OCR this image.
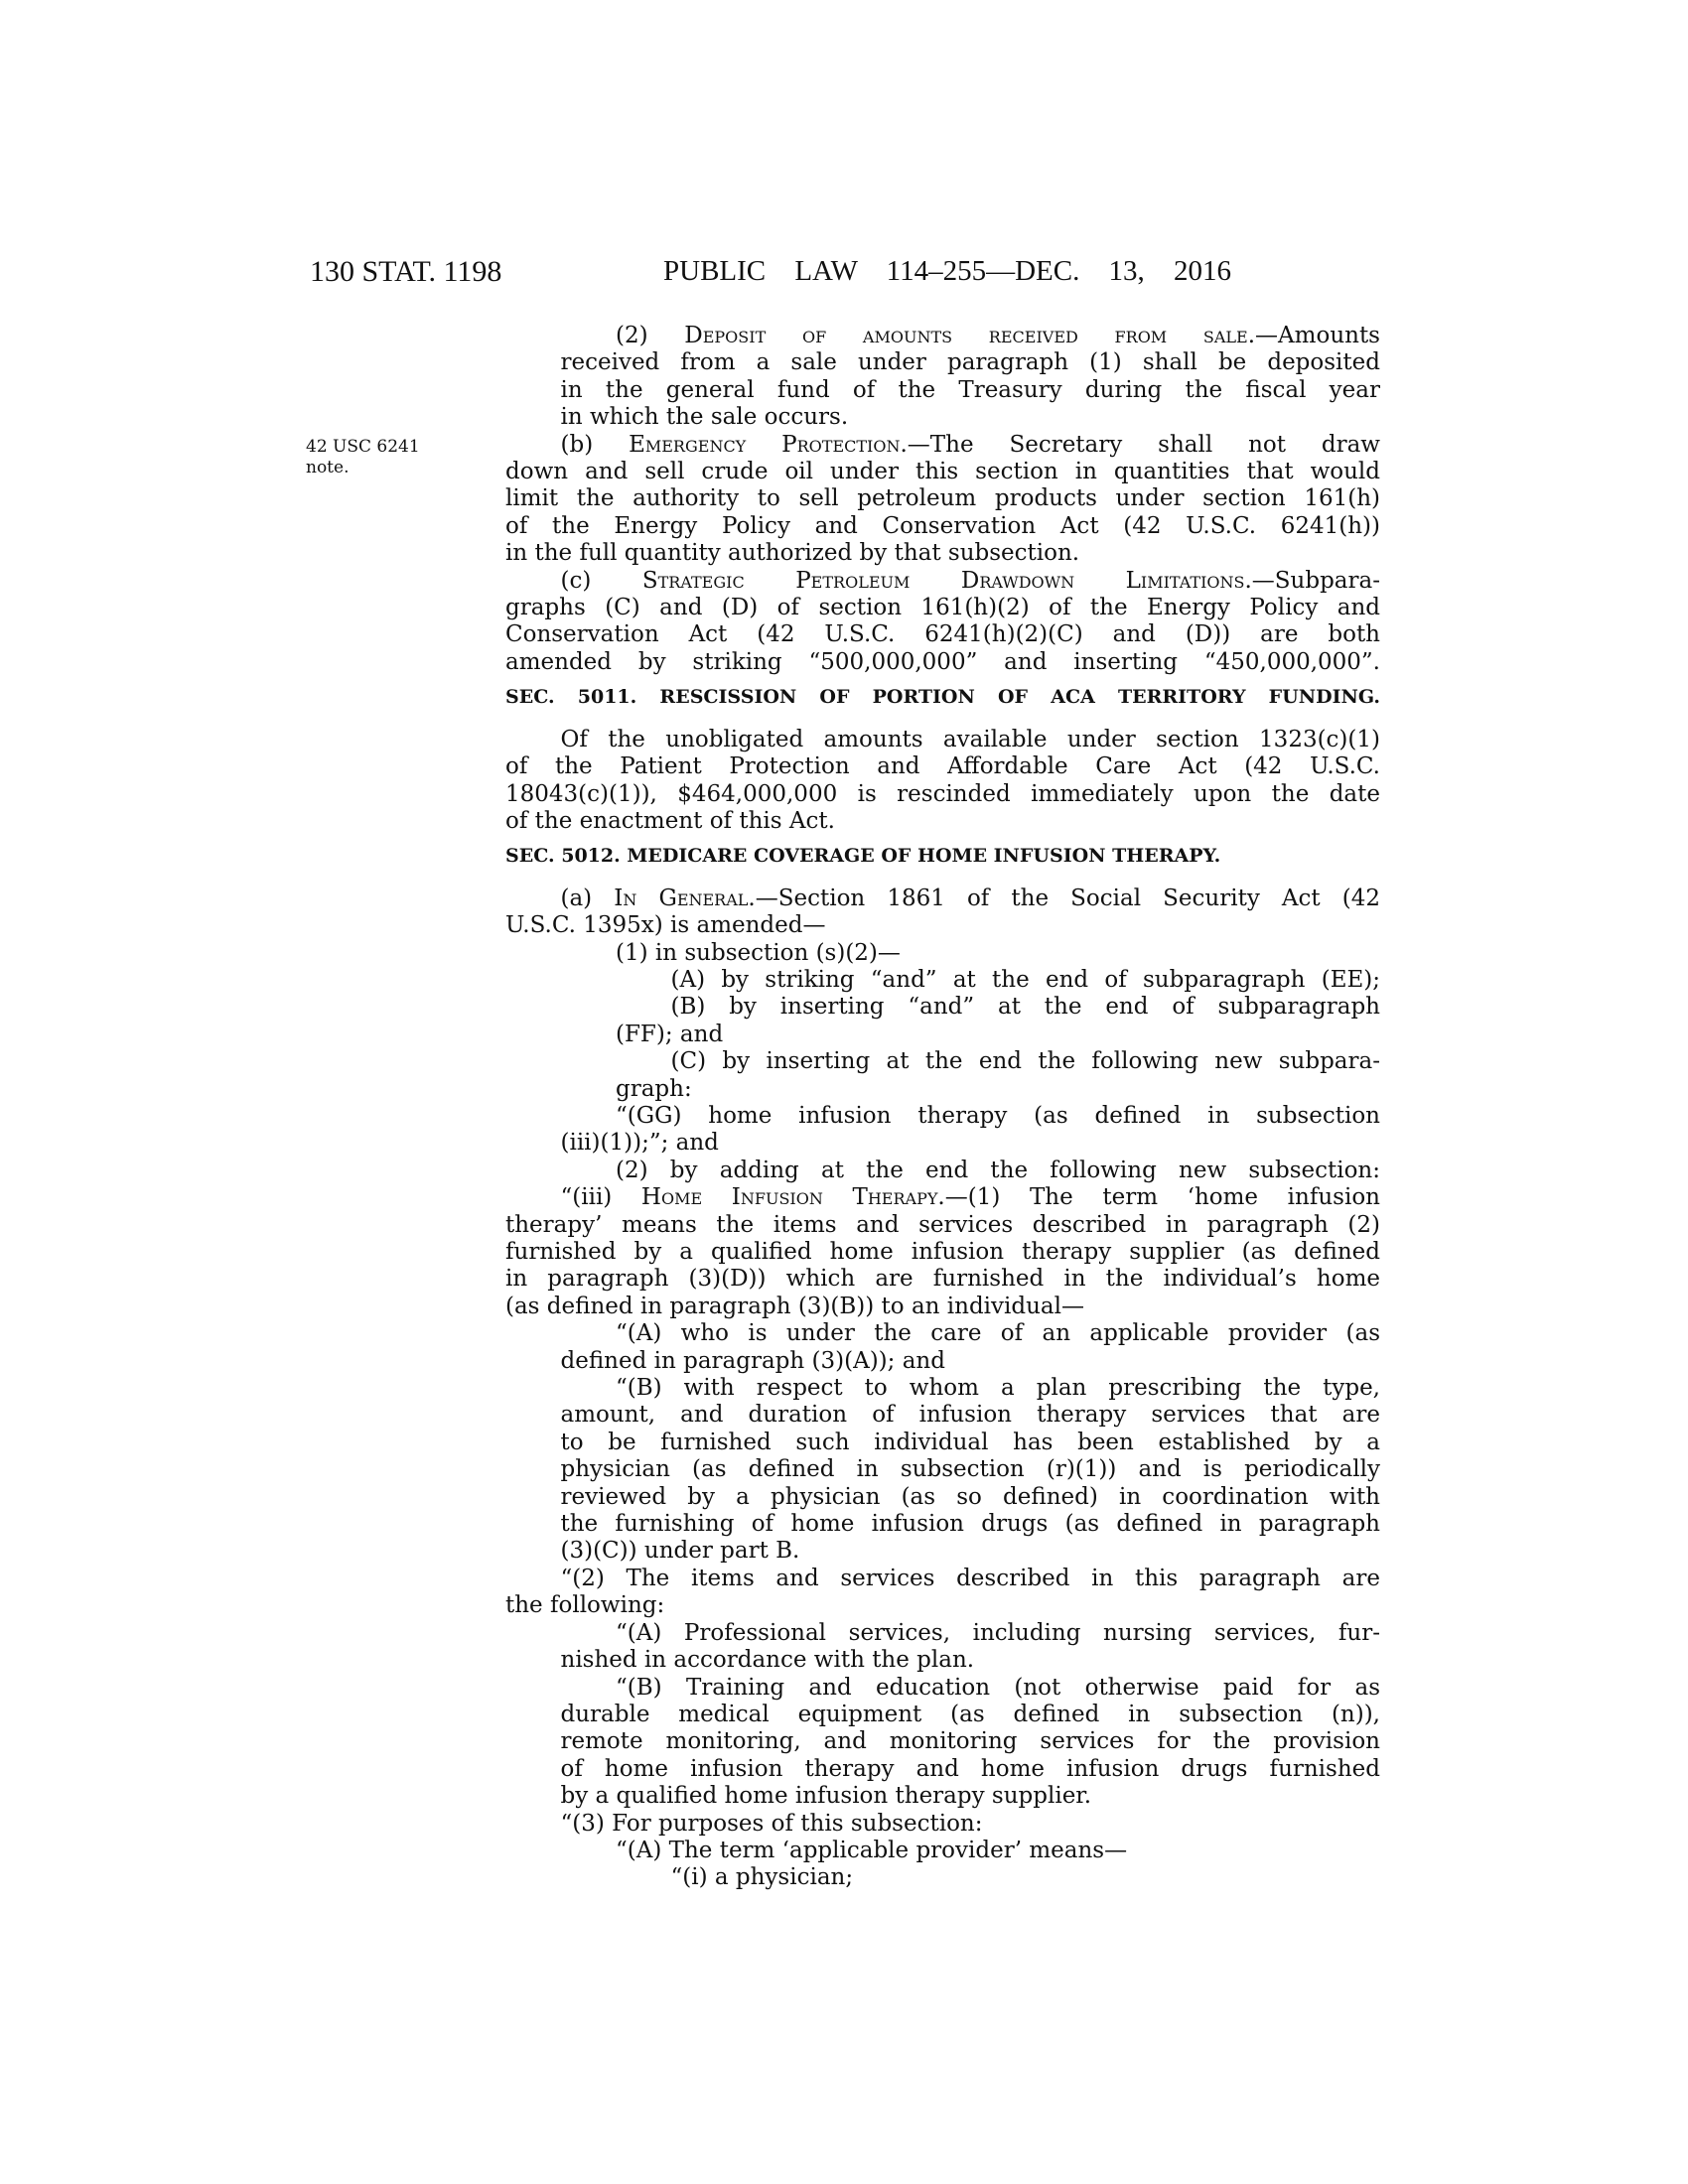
130 STAT. 1198	PUBLIC LAW 114–255—DEC. 13, 2016
42 USC 6241
note.
(2) Deposit of amounts received from sale.—Amounts
received from a sale under paragraph (1) shall be deposited
in the general fund of the Treasury during the fiscal year
in which the sale occurs.
(b) Emergency Protection.—The Secretary shall not draw
down and sell crude oil under this section in quantities that would
limit the authority to sell petroleum products under section 161(h)
of the Energy Policy and Conservation Act (42 U.S.C. 6241(h))
in the full quantity authorized by that subsection.
(c) Strategic Petroleum Drawdown Limitations.—Subpara-
graphs (C) and (D) of section 161(h)(2) of the Energy Policy and
Conservation Act (42 U.S.C. 6241(h)(2)(C) and (D)) are both
amended by striking “500,000,000” and inserting “450,000,000”.
SEC. 5011. RESCISSION OF PORTION OF ACA TERRITORY FUNDING.
Of the unobligated amounts available under section 1323(c)(1)
of the Patient Protection and Affordable Care Act (42 U.S.C.
18043(c)(1)), $464,000,000 is rescinded immediately upon the date
of the enactment of this Act.
SEC. 5012. MEDICARE COVERAGE OF HOME INFUSION THERAPY.
(a) In General.—Section 1861 of the Social Security Act (42
U.S.C. 1395x) is amended—
(1) in subsection (s)(2)—
(A) by striking “and” at the end of subparagraph (EE);
(B) by inserting “and” at the end of subparagraph
(FF); and
(C) by inserting at the end the following new subpara-
graph:
“(GG) home infusion therapy (as defined in subsection
(iii)(1));”; and
(2) by adding at the end the following new subsection:
“(iii) Home Infusion Therapy.—(1) The term ‘home infusion
therapy’ means the items and services described in paragraph (2)
furnished by a qualified home infusion therapy supplier (as defined
in paragraph (3)(D)) which are furnished in the individual’s home
(as defined in paragraph (3)(B)) to an individual—
“(A) who is under the care of an applicable provider (as
defined in paragraph (3)(A)); and
“(B) with respect to whom a plan prescribing the type,
amount, and duration of infusion therapy services that are
to be furnished such individual has been established by a
physician (as defined in subsection (r)(1)) and is periodically
reviewed by a physician (as so defined) in coordination with
the furnishing of home infusion drugs (as defined in paragraph
(3)(C)) under part B.
“(2) The items and services described in this paragraph are
the following:
“(A) Professional services, including nursing services, fur-
nished in accordance with the plan.
“(B) Training and education (not otherwise paid for as
durable medical equipment (as defined in subsection (n)),
remote monitoring, and monitoring services for the provision
of home infusion therapy and home infusion drugs furnished
by a qualified home infusion therapy supplier.
“(3) For purposes of this subsection:
“(A) The term ‘applicable provider’ means—
“(i) a physician;
